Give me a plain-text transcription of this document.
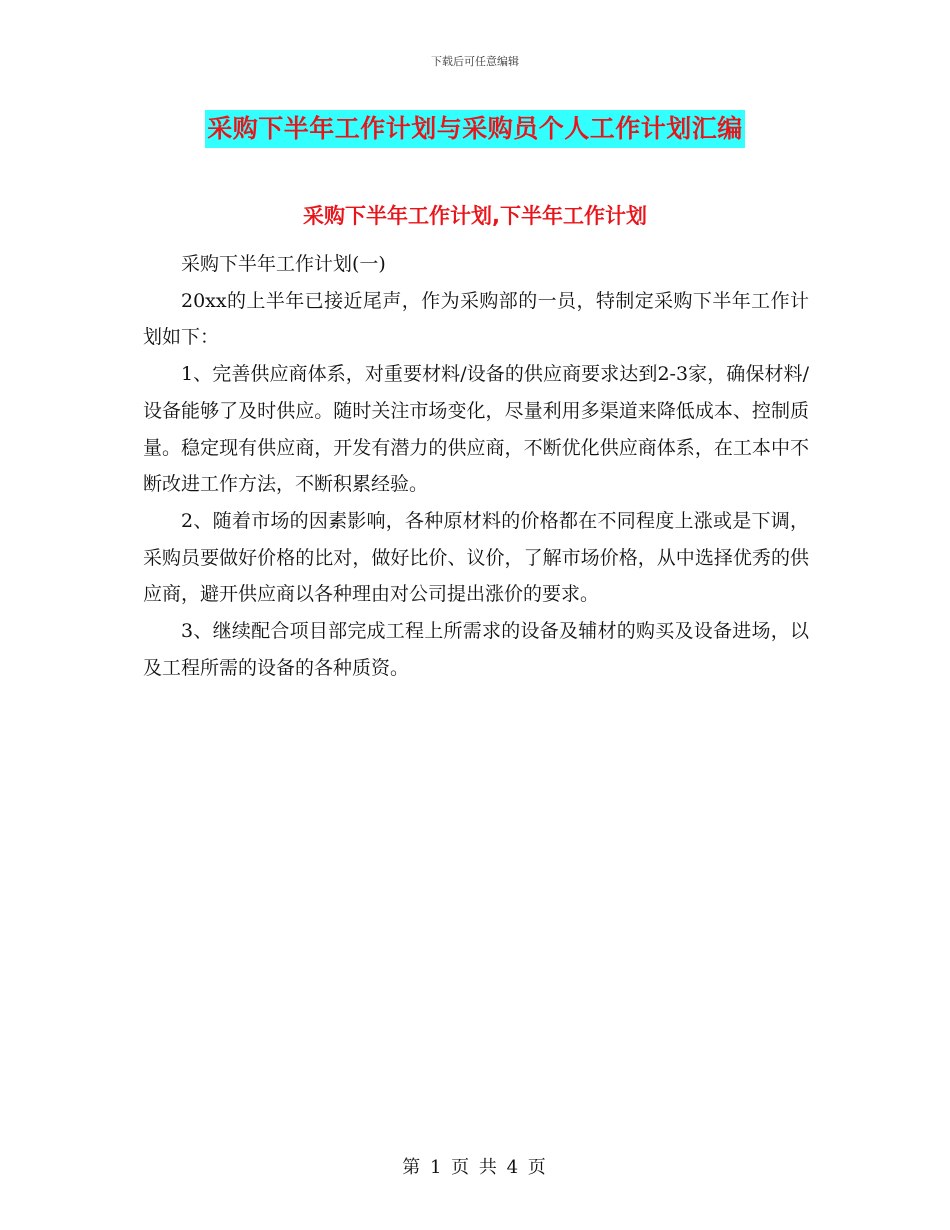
下载后可任意编辑
采购下半年工作计划与采购员个人工作计划汇编
采购下半年工作计划,下半年工作计划

采购下半年工作计划(一)

20xx的上半年已接近尾声，作为采购部的一员，特制定采购下半年工作计划如下：

1、完善供应商体系，对重要材料/设备的供应商要求达到2-3家，确保材料/设备能够了及时供应。随时关注市场变化，尽量利用多渠道来降低成本、控制质量。稳定现有供应商，开发有潜力的供应商，不断优化供应商体系，在工本中不断改进工作方法，不断积累经验。

2、随着市场的因素影响，各种原材料的价格都在不同程度上涨或是下调，采购员要做好价格的比对，做好比价、议价，了解市场价格，从中选择优秀的供应商，避开供应商以各种理由对公司提出涨价的要求。

3、继续配合项目部完成工程上所需求的设备及辅材的购买及设备进场，以及工程所需的设备的各种质资。

第 1 页 共 4 页
